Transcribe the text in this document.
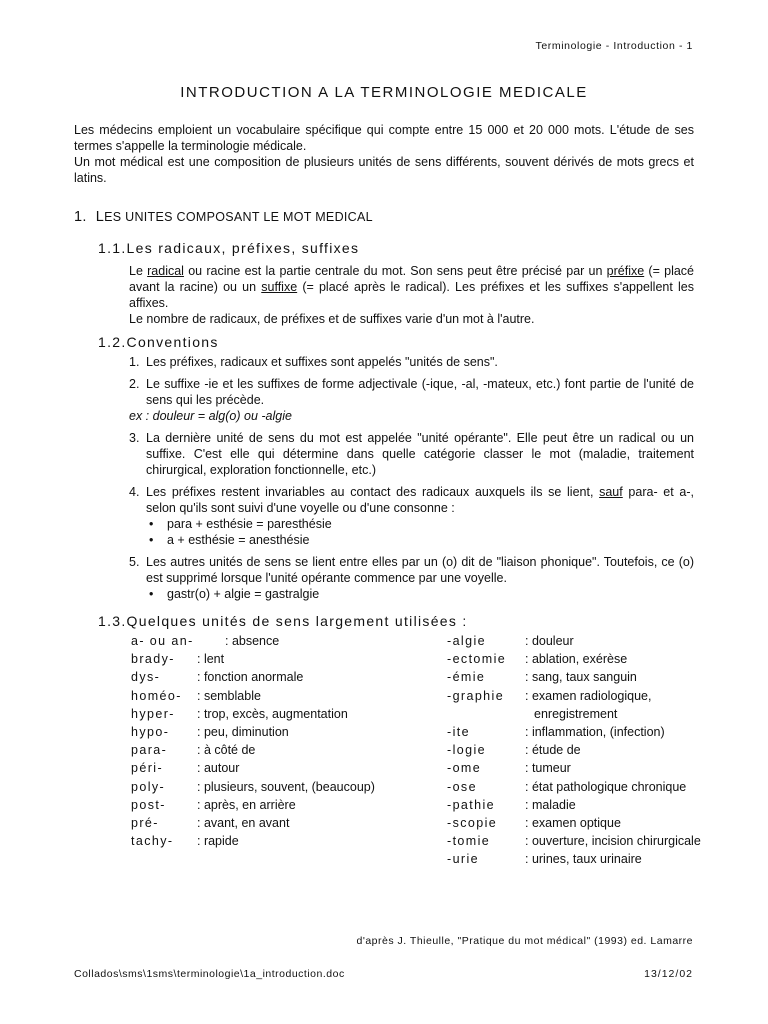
Terminologie - Introduction - 1
INTRODUCTION A LA TERMINOLOGIE MEDICALE

Les médecins emploient un vocabulaire spécifique qui compte entre 15 000 et 20 000 mots. L'étude de ses termes s'appelle la terminologie médicale.

Un mot médical est une composition de plusieurs unités de sens différents, souvent dérivés de mots grecs et latins.

1. LES UNITES COMPOSANT LE MOT MEDICAL
1.1.Les radicaux, préfixes, suffixes

Le radical ou racine est la partie centrale du mot. Son sens peut être précisé par un préfixe (= placé avant la racine) ou un suffixe (= placé après le radical). Les préfixes et les suffixes s'appellent les affixes.

Le nombre de radicaux, de préfixes et de suffixes varie d'un mot à l'autre.

1.2.Conventions
1. Les préfixes, radicaux et suffixes sont appelés "unités de sens".
2. Le suffixe -ie et les suffixes de forme adjectivale (-ique, -al, -mateux, etc.) font partie de l'unité de sens qui les précède.
ex : douleur = alg(o) ou -algie
3. La dernière unité de sens du mot est appelée "unité opérante". Elle peut être un radical ou un suffixe. C'est elle qui détermine dans quelle catégorie classer le mot (maladie, traitement chirurgical, exploration fonctionnelle, etc.)
4. Les préfixes restent invariables au contact des radicaux auxquels ils se lient, sauf para- et a-, selon qu'ils sont suivi d'une voyelle ou d'une consonne :
• para + esthésie = paresthésie
• a + esthésie = anesthésie
5. Les autres unités de sens se lient entre elles par un (o) dit de "liaison phonique". Toutefois, ce (o) est supprimé lorsque l'unité opérante commence par une voyelle.
• gastr(o) + algie = gastralgie
1.3.Quelques unités de sens largement utilisées :
a- ou an-	: absence
brady-	: lent
dys-	: fonction anormale
homéo-	: semblable
hyper-	: trop, excès, augmentation
hypo-	: peu, diminution
para-	: à côté de
péri-	: autour
poly-	: plusieurs, souvent, (beaucoup)
post-	: après, en arrière
pré-	: avant, en avant
tachy-	: rapide
-algie	: douleur
-ectomie	: ablation, exérèse
-émie	: sang, taux sanguin
-graphie	: examen radiologique,
enregistrement
-ite	: inflammation, (infection)
-logie	: étude de
-ome	: tumeur
-ose	: état pathologique chronique
-pathie	: maladie
-scopie	: examen optique
-tomie	: ouverture, incision chirurgicale
-urie	: urines, taux urinaire
d'après J. Thieulle, "Pratique du mot médical" (1993) ed. Lamarre
Collados\sms\1sms\terminologie\1a_introduction.doc	13/12/02
